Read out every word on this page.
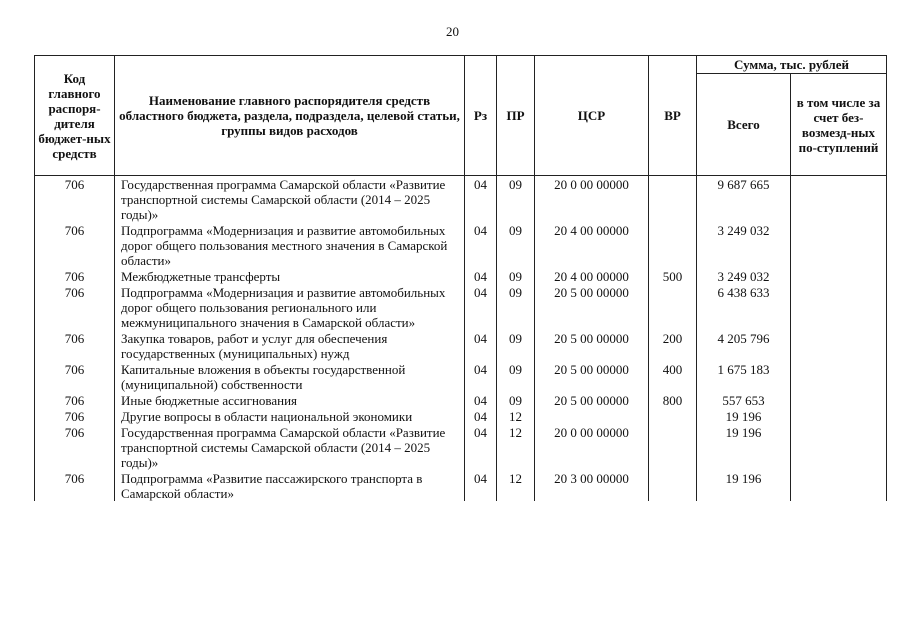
20
Код главного распоря-дителя бюджет-ных средств	Наименование главного распорядителя средств областного бюджета, раздела, подраздела, целевой статьи, группы видов расходов	Рз	ПР	ЦСР	ВР	Сумма, тыс. рублей	
						Всего	в том числе за счет без-возмезд-ных по-ступлений
706	Государственная программа Самарской области «Развитие транспортной системы Самарской области (2014 – 2025 годы)»	04	09	20 0 00 00000		9 687 665	
706	Подпрограмма «Модернизация и развитие автомобильных дорог общего пользования местного значения в Самарской области»	04	09	20 4 00 00000		3 249 032	
706	Межбюджетные трансферты	04	09	20 4 00 00000	500	3 249 032	
706	Подпрограмма «Модернизация и развитие автомобильных дорог общего пользования регионального или межмуниципального значения в Самарской области»	04	09	20 5 00 00000		6 438 633	
706	Закупка товаров, работ и услуг для обеспечения государственных (муниципальных) нужд	04	09	20 5 00 00000	200	4 205 796	
706	Капитальные вложения в объекты государственной (муниципальной) собственности	04	09	20 5 00 00000	400	1 675 183	
706	Иные бюджетные ассигнования	04	09	20 5 00 00000	800	557 653	
706	Другие вопросы в области национальной экономики	04	12			19 196	
706	Государственная программа Самарской области «Развитие транспортной системы Самарской области (2014 – 2025 годы)»	04	12	20 0 00 00000		19 196	
706	Подпрограмма «Развитие пассажирского транспорта в Самарской области»	04	12	20 3 00 00000		19 196	
